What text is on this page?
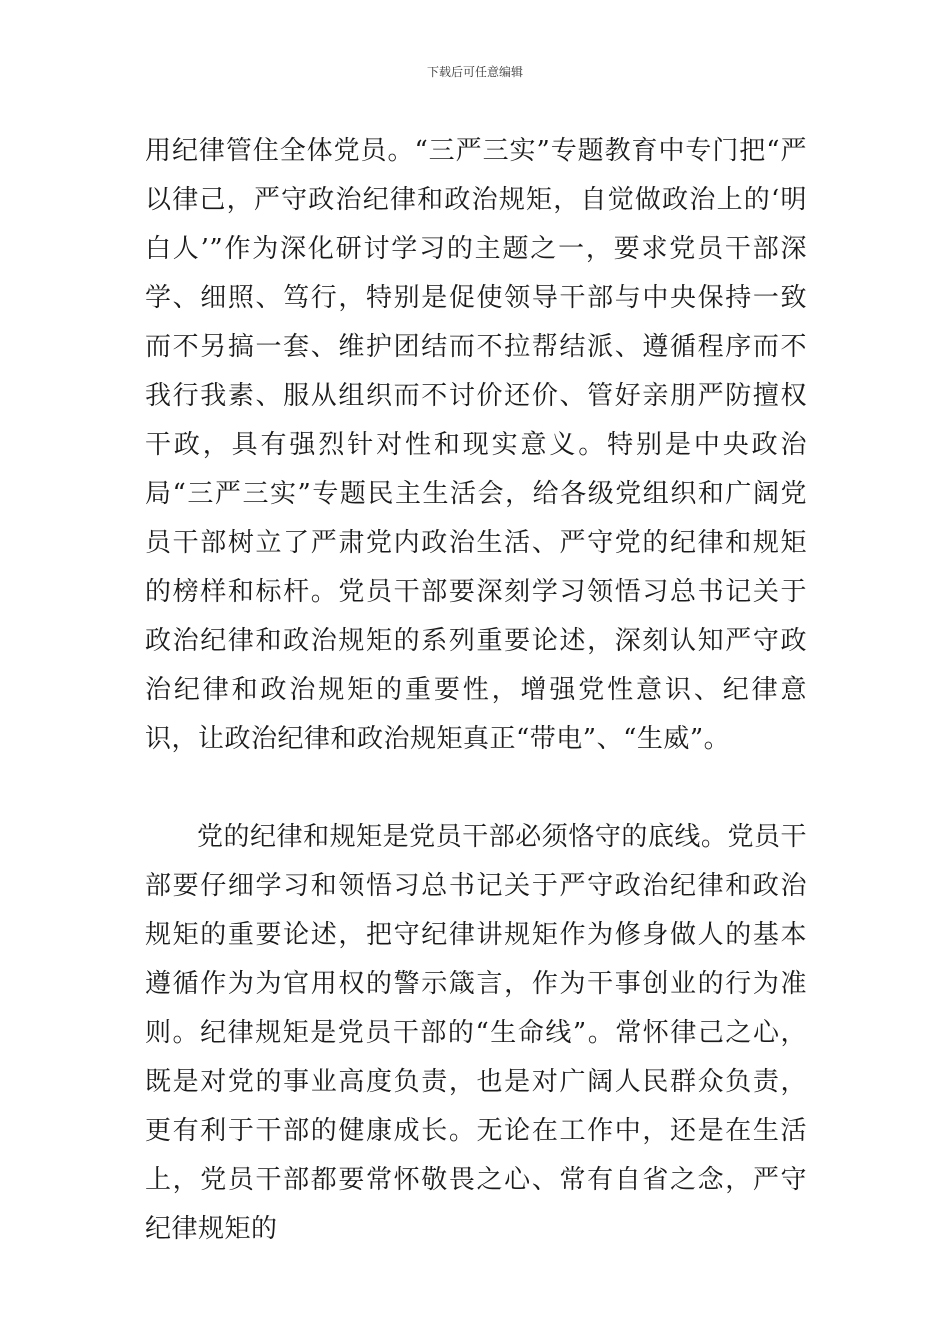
下载后可任意编辑

用纪律管住全体党员。“三严三实”专题教育中专门把“严以律己，严守政治纪律和政治规矩，自觉做政治上的‘明白人’”作为深化研讨学习的主题之一，要求党员干部深学、细照、笃行，特别是促使领导干部与中央保持一致而不另搞一套、维护团结而不拉帮结派、遵循程序而不我行我素、服从组织而不讨价还价、管好亲朋严防擅权干政，具有强烈针对性和现实意义。特别是中央政治局“三严三实”专题民主生活会，给各级党组织和广阔党员干部树立了严肃党内政治生活、严守党的纪律和规矩的榜样和标杆。党员干部要深刻学习领悟习总书记关于政治纪律和政治规矩的系列重要论述，深刻认知严守政治纪律和政治规矩的重要性，增强党性意识、纪律意识，让政治纪律和政治规矩真正“带电”、“生威”。

党的纪律和规矩是党员干部必须恪守的底线。党员干部要仔细学习和领悟习总书记关于严守政治纪律和政治规矩的重要论述，把守纪律讲规矩作为修身做人的基本遵循作为为官用权的警示箴言，作为干事创业的行为准则。纪律规矩是党员干部的“生命线”。常怀律己之心，既是对党的事业高度负责，也是对广阔人民群众负责，更有利于干部的健康成长。无论在工作中，还是在生活上，党员干部都要常怀敬畏之心、常有自省之念，严守纪律规矩的
